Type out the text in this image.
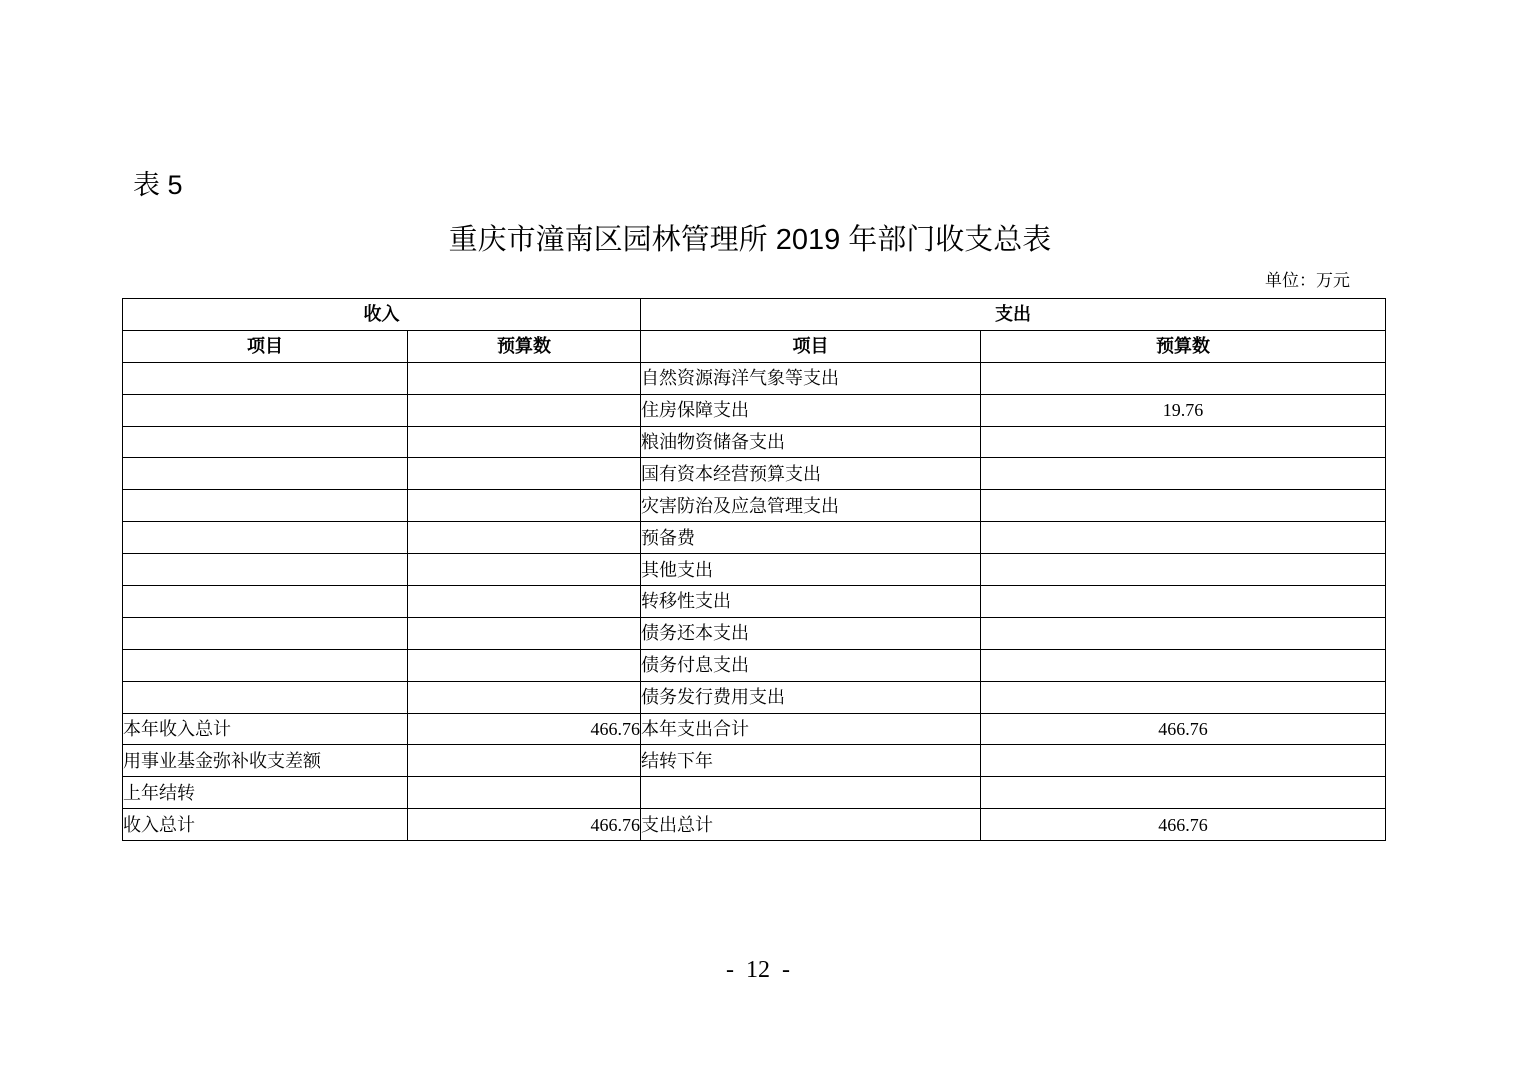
表 5
重庆市潼南区园林管理所 2019 年部门收支总表
单位：万元
收入		支出	
项目	预算数	项目	预算数
		自然资源海洋气象等支出	
		住房保障支出	19.76
		粮油物资储备支出	
		国有资本经营预算支出	
		灾害防治及应急管理支出	
		预备费	
		其他支出	
		转移性支出	
		债务还本支出	
		债务付息支出	
		债务发行费用支出	
本年收入总计	466.76	本年支出合计	466.76
用事业基金弥补收支差额		结转下年	
上年结转			
收入总计	466.76	支出总计	466.76
- 12 -
